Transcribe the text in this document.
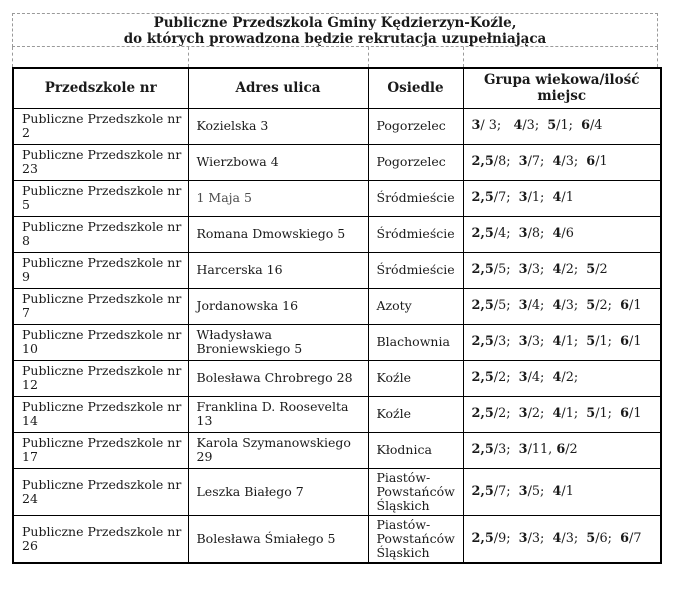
Publiczne Przedszkola Gminy Kędzierzyn-Koźle,
do których prowadzona będzie rekrutacja uzupełniająca
Przedszkole nr	Adres ulica	Osiedle	Grupa wiekowa/ilość miejsc
Publiczne Przedszkole nr 2	Kozielska 3	Pogorzelec	3/ 3;   4/3;  5/1;  6/4
Publiczne Przedszkole nr 23	Wierzbowa 4	Pogorzelec	2,5/8;  3/7;  4/3;  6/1
Publiczne Przedszkole nr 5	1 Maja 5	Śródmieście	2,5/7;  3/1;  4/1
Publiczne Przedszkole nr 8	Romana Dmowskiego 5	Śródmieście	2,5/4;  3/8;  4/6
Publiczne Przedszkole nr 9	Harcerska 16	Śródmieście	2,5/5;  3/3;  4/2;  5/2
Publiczne Przedszkole nr 7	Jordanowska 16	Azoty	2,5/5;  3/4;  4/3;  5/2;  6/1
Publiczne Przedszkole nr 10	Władysława Broniewskiego 5	Blachownia	2,5/3;  3/3;  4/1;  5/1;  6/1
Publiczne Przedszkole nr 12	Bolesława Chrobrego 28	Koźle	2,5/2;  3/4;  4/2;
Publiczne Przedszkole nr 14	Franklina D. Roosevelta  13	Koźle	2,5/2;  3/2;  4/1;  5/1;  6/1
Publiczne Przedszkole nr 17	Karola Szymanowskiego 29	Kłodnica	2,5/3;  3/11, 6/2
Publiczne Przedszkole nr 24	Leszka Białego 7	Piastów-Powstańców Śląskich	2,5/7;  3/5;  4/1
Publiczne Przedszkole nr 26	Bolesława Śmiałego 5	Piastów-Powstańców Śląskich	2,5/9;  3/3;  4/3;  5/6;  6/7
